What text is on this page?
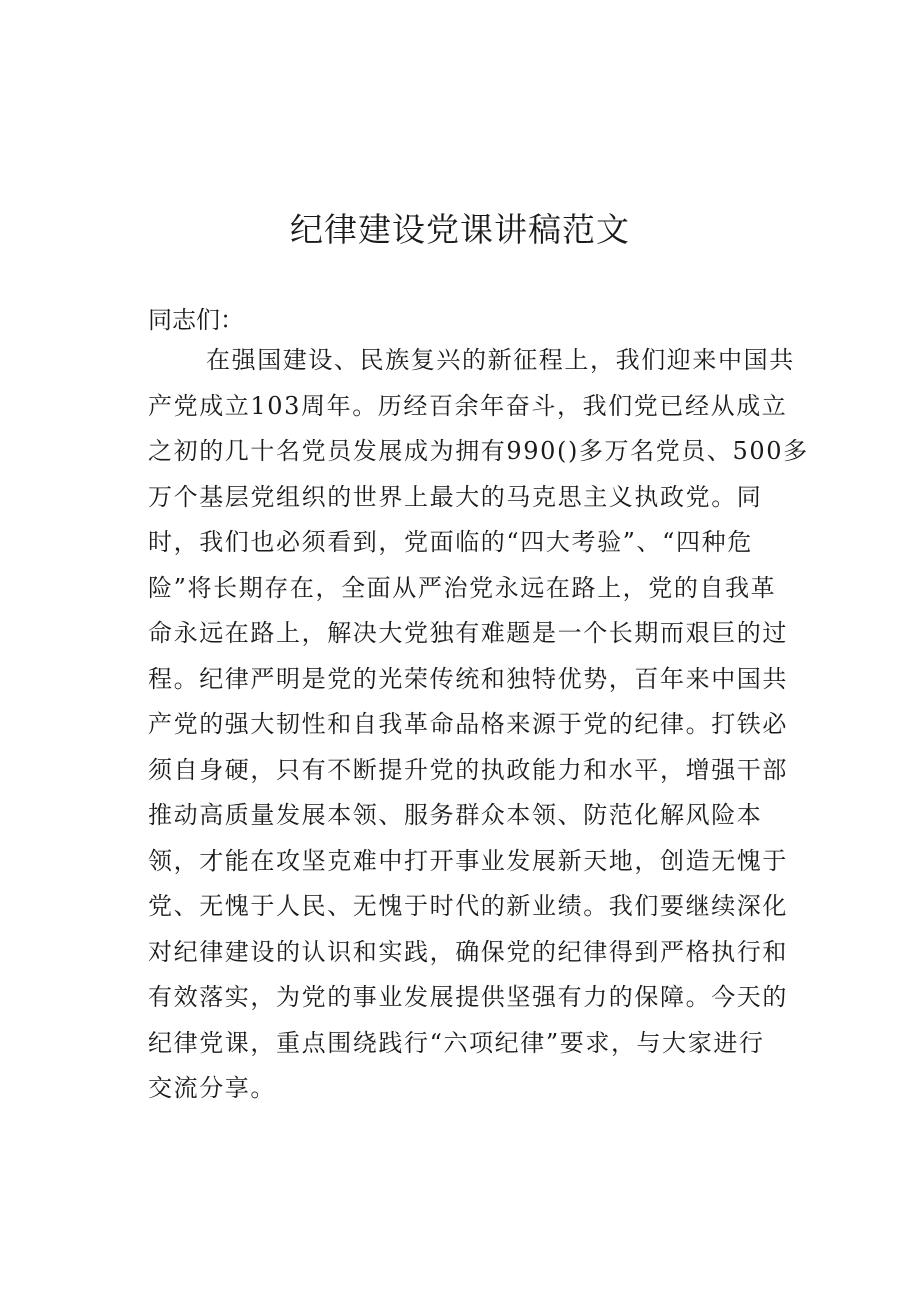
纪律建设党课讲稿范文

同志们：

在强国建设、民族复兴的新征程上，我们迎来中国共
产党成立103周年。历经百余年奋斗，我们党已经从成立
之初的几十名党员发展成为拥有990()多万名党员、500多
万个基层党组织的世界上最大的马克思主义执政党。同
时，我们也必须看到，党面临的“四大考验”、“四种危
险”将长期存在，全面从严治党永远在路上，党的自我革
命永远在路上，解决大党独有难题是一个长期而艰巨的过
程。纪律严明是党的光荣传统和独特优势，百年来中国共
产党的强大韧性和自我革命品格来源于党的纪律。打铁必
须自身硬，只有不断提升党的执政能力和水平，增强干部
推动高质量发展本领、服务群众本领、防范化解风险本
领，才能在攻坚克难中打开事业发展新天地，创造无愧于
党、无愧于人民、无愧于时代的新业绩。我们要继续深化
对纪律建设的认识和实践，确保党的纪律得到严格执行和
有效落实，为党的事业发展提供坚强有力的保障。今天的
纪律党课，重点围绕践行“六项纪律”要求，与大家进行
交流分享。
